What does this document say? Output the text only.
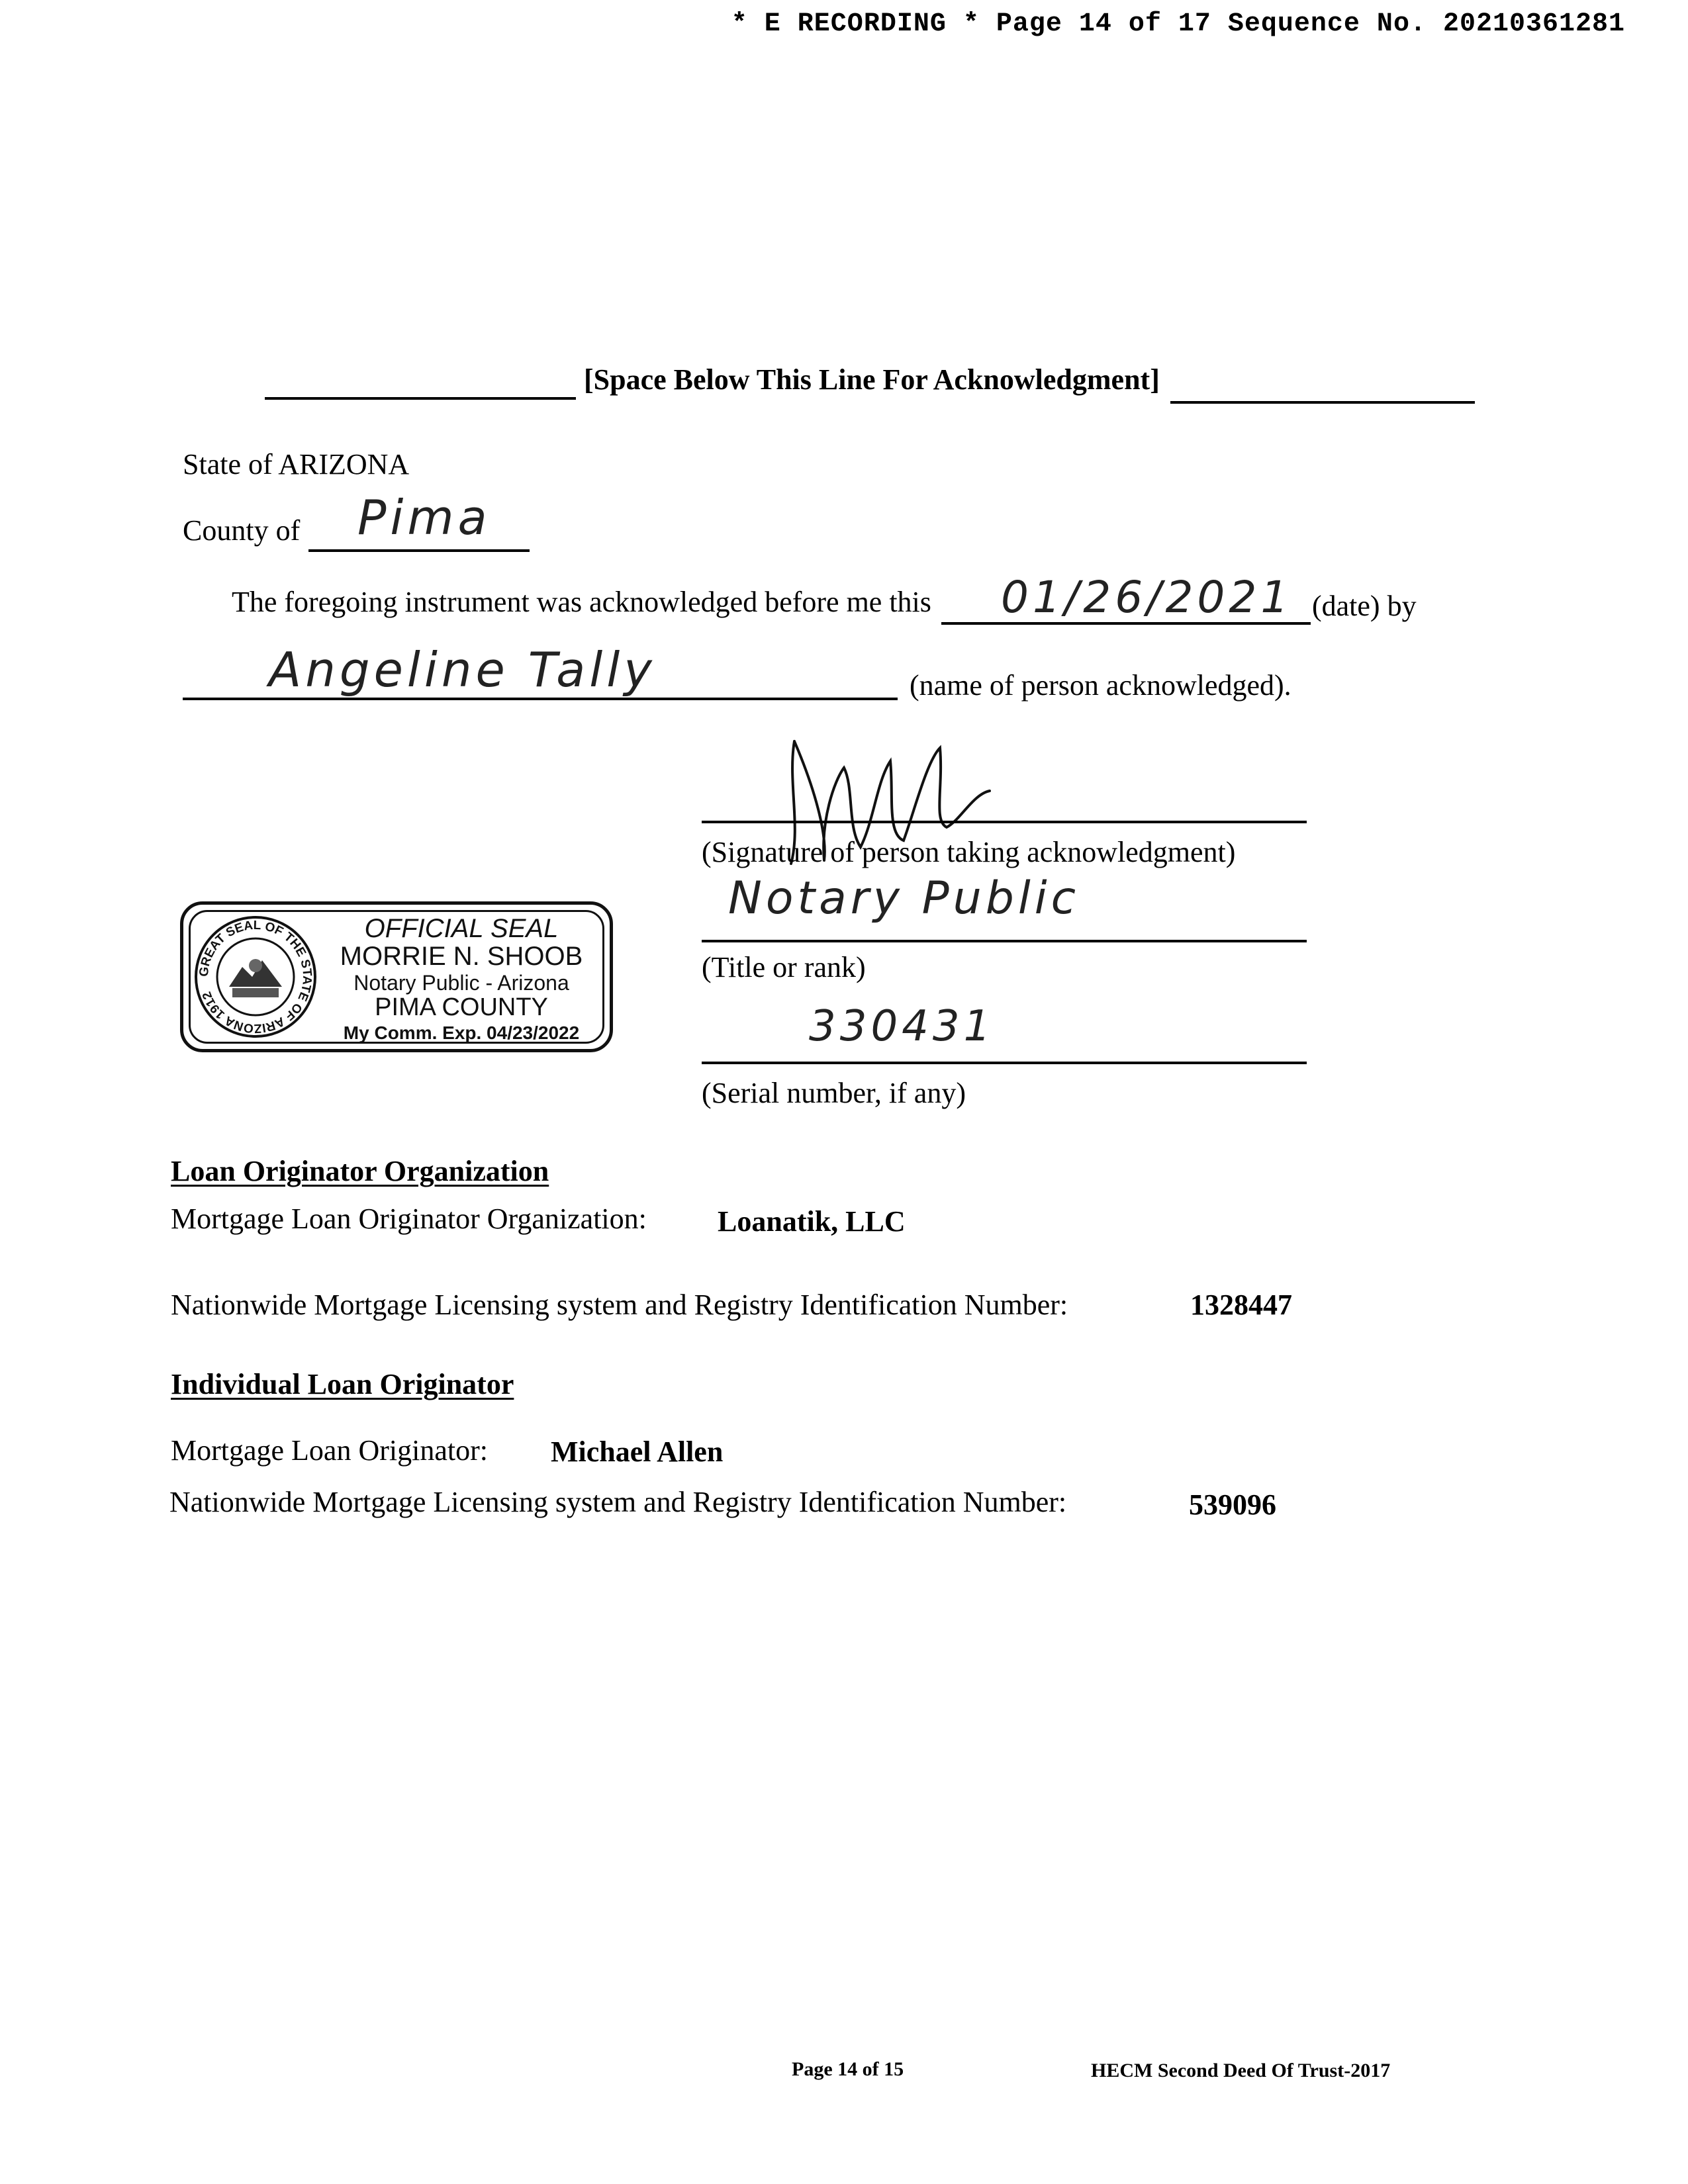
* E RECORDING * Page 14 of 17 Sequence No. 20210361281
[Space Below This Line For Acknowledgment]
State of ARIZONA
County of Pima
The foregoing instrument was acknowledged before me this 01/26/2021 (date) by
Angeline Tally	(name of person acknowledged).
(Signature of person taking acknowledgment)
GREAT SEAL OF THE STATE OF ARIZONA 1912
OFFICIAL SEAL
MORRIE N. SHOOB
Notary Public - Arizona
PIMA COUNTY
My Comm. Exp. 04/23/2022
Notary Public
(Title or rank)
330431
(Serial number, if any)
Loan Originator Organization
Mortgage Loan Originator Organization: Loanatik, LLC
Nationwide Mortgage Licensing system and Registry Identification Number:	1328447
Individual Loan Originator
Mortgage Loan Originator: Michael Allen
Nationwide Mortgage Licensing system and Registry Identification Number:	539096
Page 14 of 15	HECM Second Deed Of Trust-2017
